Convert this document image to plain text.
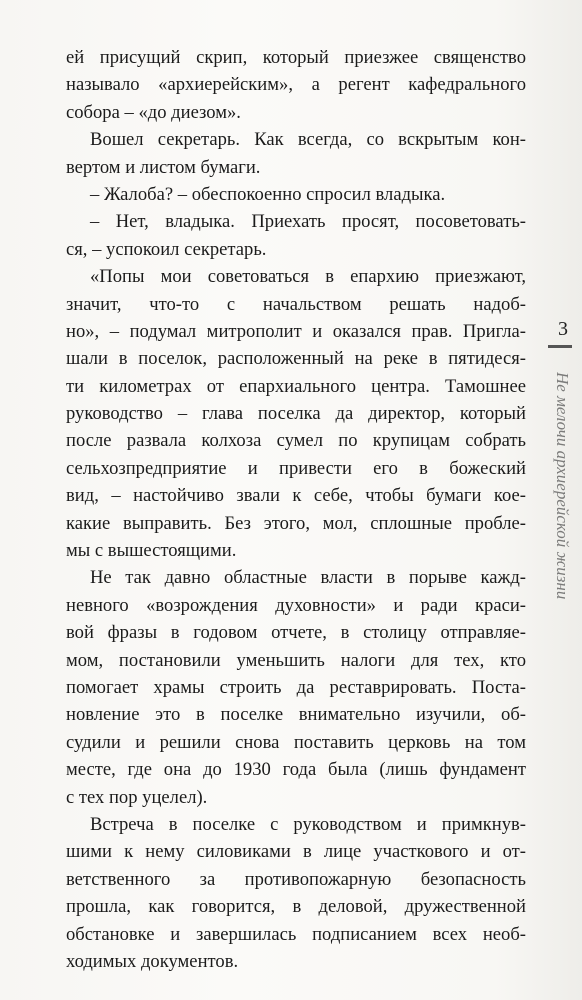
ей присущий скрип, который приезжее священство
называло «архиерейским», а регент кафедрального
собора – «до диезом».
Вошел секретарь. Как всегда, со вскрытым кон-
вертом и листом бумаги.
– Жалоба? – обеспокоенно спросил владыка.
– Нет, владыка. Приехать просят, посоветовать-
ся, – успокоил секретарь.
«Попы мои советоваться в епархию приезжают,
значит, что-то с начальством решать надоб-
но», – подумал митрополит и оказался прав. Пригла-
шали в поселок, расположенный на реке в пятидеся-
ти километрах от епархиального центра. Тамошнее
руководство – глава поселка да директор, который
после развала колхоза сумел по крупицам собрать
сельхозпредприятие и привести его в божеский
вид, – настойчиво звали к себе, чтобы бумаги кое-
какие выправить. Без этого, мол, сплошные пробле-
мы с вышестоящими.
Не так давно областные власти в порыве кажд-
невного «возрождения духовности» и ради краси-
вой фразы в годовом отчете, в столицу отправляе-
мом, постановили уменьшить налоги для тех, кто
помогает храмы строить да реставрировать. Поста-
новление это в поселке внимательно изучили, об-
судили и решили снова поставить церковь на том
месте, где она до 1930 года была (лишь фундамент
с тех пор уцелел).
Встреча в поселке с руководством и примкнув-
шими к нему силовиками в лице участкового и от-
ветственного за противопожарную безопасность
прошла, как говорится, в деловой, дружественной
обстановке и завершилась подписанием всех необ-
ходимых документов.
3
Не мелочи архиерейской жизни
